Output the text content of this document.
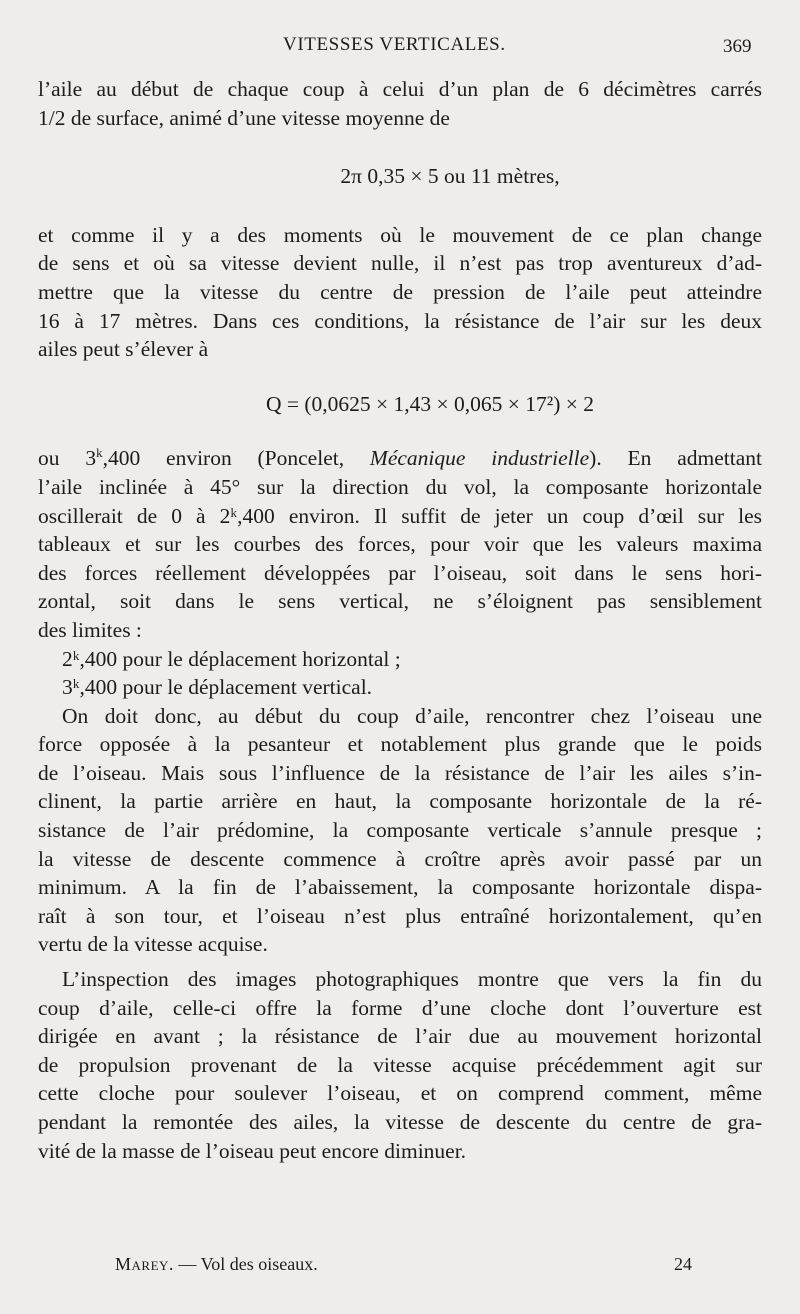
VITESSES VERTICALES.	369

l’aile au début de chaque coup à celui d’un plan de 6 décimètres carrés

1/2 de surface, animé d’une vitesse moyenne de

2π 0,35 × 5 ou 11 mètres,

et comme il y a des moments où le mouvement de ce plan change

de sens et où sa vitesse devient nulle, il n’est pas trop aventureux d’ad-

mettre que la vitesse du centre de pression de l’aile peut atteindre

16 à 17 mètres. Dans ces conditions, la résistance de l’air sur les deux

ailes peut s’élever à

Q = (0,0625 × 1,43 × 0,065 × 17²) × 2

ou 3$^k$,400 environ (Poncelet, Mécanique industrielle). En admettant

l’aile inclinée à 45° sur la direction du vol, la composante horizontale

oscillerait de 0 à 2ᵏ,400 environ. Il suffit de jeter un coup d’œil sur les

tableaux et sur les courbes des forces, pour voir que les valeurs maxima

des forces réellement développées par l’oiseau, soit dans le sens hori-

zontal, soit dans le sens vertical, ne s’éloignent pas sensiblement

des limites :

2ᵏ,400 pour le déplacement horizontal ;

3ᵏ,400 pour le déplacement vertical.

On doit donc, au début du coup d’aile, rencontrer chez l’oiseau une

force opposée à la pesanteur et notablement plus grande que le poids

de l’oiseau. Mais sous l’influence de la résistance de l’air les ailes s’in-

clinent, la partie arrière en haut, la composante horizontale de la ré-

sistance de l’air prédomine, la composante verticale s’annule presque ;

la vitesse de descente commence à croître après avoir passé par un

minimum. A la fin de l’abaissement, la composante horizontale dispa-

raît à son tour, et l’oiseau n’est plus entraîné horizontalement, qu’en

vertu de la vitesse acquise.

L’inspection des images photographiques montre que vers la fin du

coup d’aile, celle-ci offre la forme d’une cloche dont l’ouverture est

dirigée en avant ; la résistance de l’air due au mouvement horizontal

de propulsion provenant de la vitesse acquise précédemment agit sur

cette cloche pour soulever l’oiseau, et on comprend comment, même

pendant la remontée des ailes, la vitesse de descente du centre de gra-

vité de la masse de l’oiseau peut encore diminuer.

Marey. — Vol des oiseaux.	24
